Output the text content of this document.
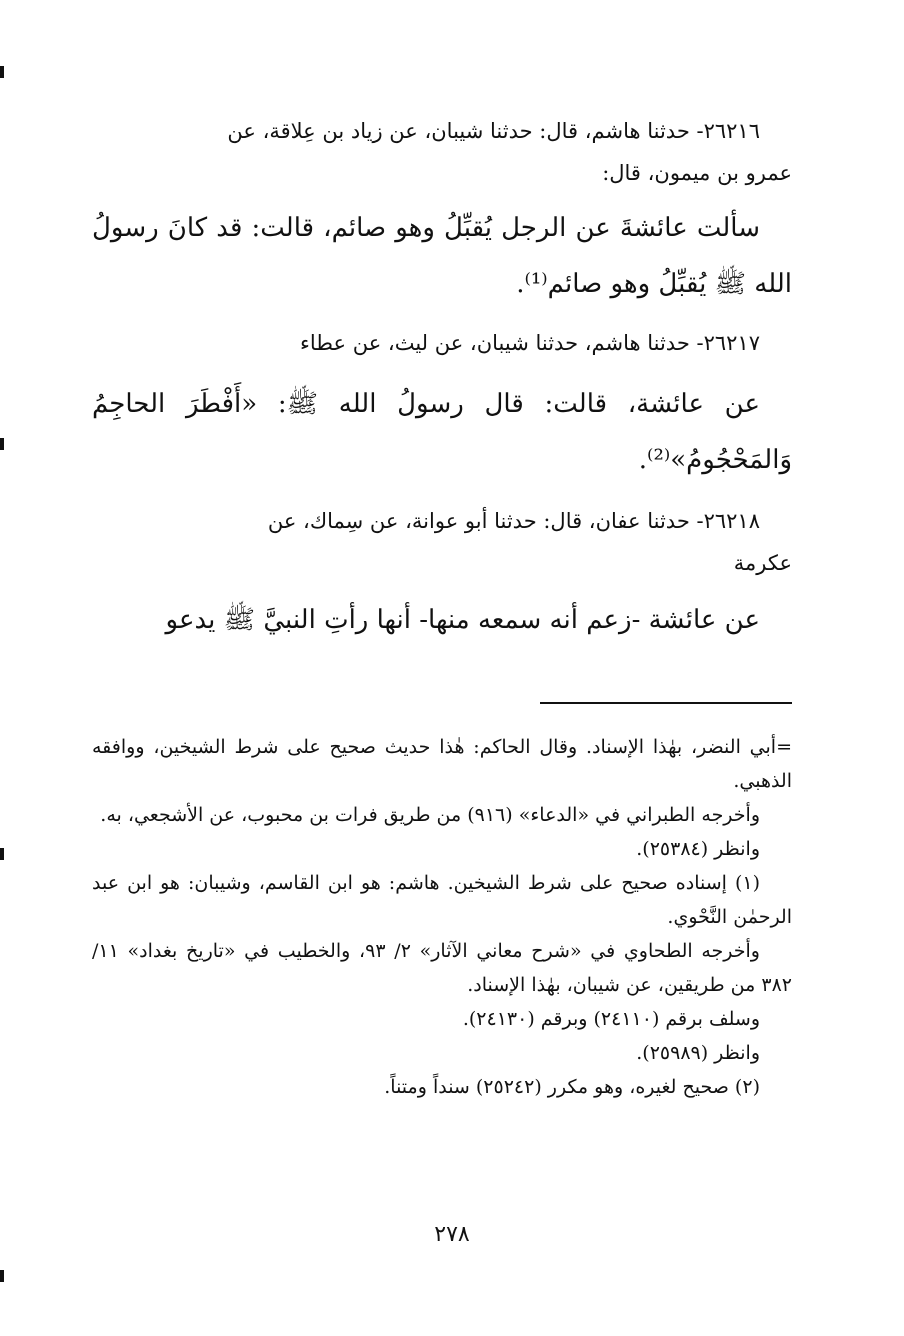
٢٦٢١٦- حدثنا هاشم، قال: حدثنا شيبان، عن زياد بن عِلاقة، عن
عمرو بن ميمون، قال:
سألت عائشةَ عن الرجل يُقبِّلُ وهو صائم، قالت: قد كانَ رسولُ الله ﷺ يُقبِّلُ وهو صائم⁽¹⁾.
٢٦٢١٧- حدثنا هاشم، حدثنا شيبان، عن ليث، عن عطاء
عن عائشة، قالت: قال رسولُ الله ﷺ: «أَفْطَرَ الحاجِمُ وَالمَحْجُومُ»⁽²⁾.
٢٦٢١٨- حدثنا عفان، قال: حدثنا أبو عوانة، عن سِماك، عن
عكرمة
عن عائشة -زعم أنه سمعه منها- أنها رأتِ النبيَّ ﷺ يدعو
=أبي النضر، بهٰذا الإسناد. وقال الحاكم: هٰذا حديث صحيح على شرط الشيخين، ووافقه الذهبي.
وأخرجه الطبراني في «الدعاء» (٩١٦) من طريق فرات بن محبوب، عن الأشجعي، به.
وانظر (٢٥٣٨٤).
(١) إسناده صحيح على شرط الشيخين. هاشم: هو ابن القاسم، وشيبان: هو ابن عبد الرحمٰن النَّحْوي.
وأخرجه الطحاوي في «شرح معاني الآثار» ٢/ ٩٣، والخطيب في «تاريخ بغداد» ١١/ ٣٨٢ من طريقين، عن شيبان، بهٰذا الإسناد.
وسلف برقم (٢٤١١٠) وبرقم (٢٤١٣٠).
وانظر (٢٥٩٨٩).
(٢) صحيح لغيره، وهو مكرر (٢٥٢٤٢) سنداً ومتناً.
٢٧٨
